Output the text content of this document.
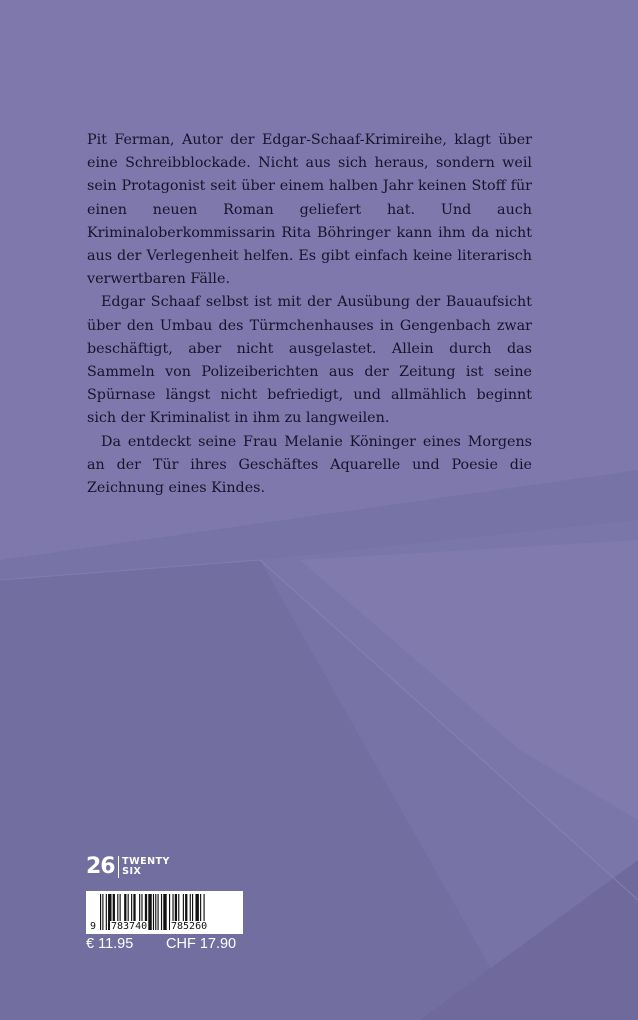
Pit Ferman, Autor der Edgar-Schaaf-Krimireihe, klagt über eine Schreibblockade. Nicht aus sich heraus, sondern weil sein Protagonist seit über einem halben Jahr keinen Stoff für einen neuen Roman geliefert hat. Und auch Kriminaloberkommissarin Rita Böhringer kann ihm da nicht aus der Verlegenheit helfen. Es gibt einfach keine literarisch verwertbaren Fälle.

Edgar Schaaf selbst ist mit der Ausübung der Bauaufsicht über den Umbau des Türmchenhauses in Gengenbach zwar beschäftigt, aber nicht ausgelastet. Allein durch das Sammeln von Polizeiberichten aus der Zeitung ist seine Spürnase längst nicht befriedigt, und allmählich beginnt sich der Kriminalist in ihm zu langweilen.

Da entdeckt seine Frau Melanie Köninger eines Morgens an der Tür ihres Geschäftes Aquarelle und Poesie die Zeichnung eines Kindes.

26 TWENTY
SIX
9 783740 785260
€ 11.95 CHF 17.90
